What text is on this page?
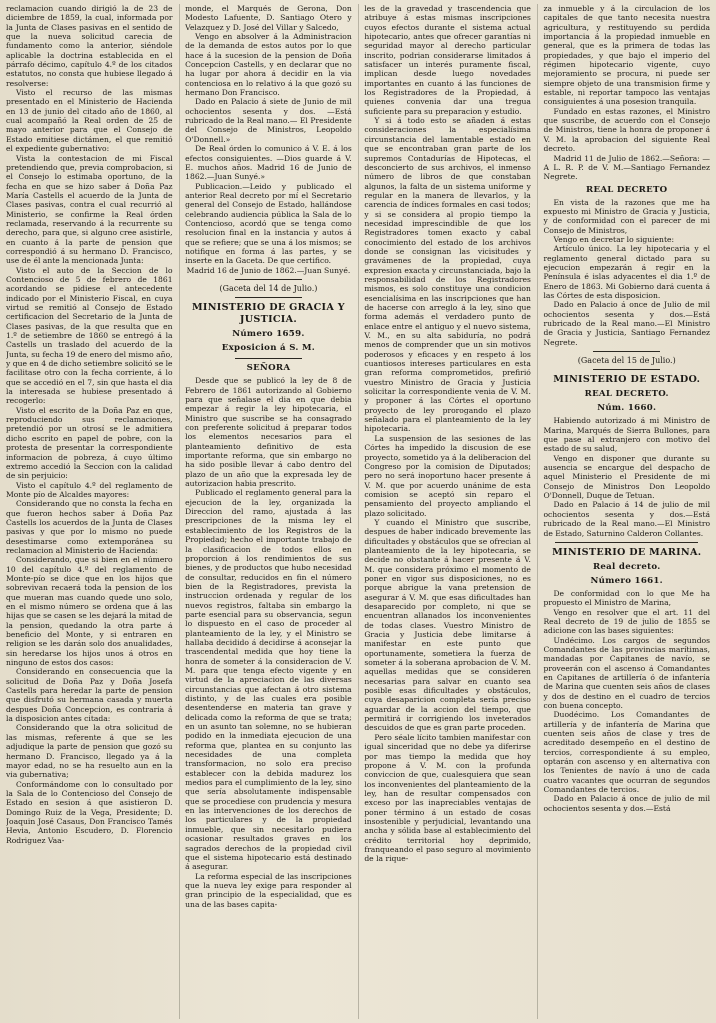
reclamacion cuando dirigió la de 23 de diciembre de 1859, la cual, informada por la Junta de Clases pasivas en el sentido de que la nueva solicitud carecia de fundamento como la anterior, siéndole aplicable la doctrina establecida en el párrafo décimo, capítulo 4.º de los citados estatutos, no consta que hubiese llegado á resolverse:

Visto el recurso de las mismas presentado en el Ministerio de Hacienda en 13 de junio del citado año de 1860, al cual acompañó la Real orden de 25 de mayo anterior para que el Consejo de Estado emitiese dictámen, el que remitió el expediente gubernativo:

Vista la contestacion de mi Fiscal pretendiendo que, previa comprobacion, si el Consejo lo estimaba oportuno, de la fecha en que se hizo saber á Doña Paz María Castells el acuerdo de la Junta de Clases pasivas, contra el cual recurrió al Ministerio, se confirme la Real órden reclamada, reservando á la recurrente su derecho, para que, si alguno cree asistirle, en cuanto á la parte de pension que correspondió á su hermano D. Francisco, use de él ante la mencionada Junta:

Visto el auto de la Seccion de lo Contencioso de 5 de febrero de 1861 acordando se pidiese el antecedente indicado por el Ministerio Fiscal, en cuya virtud se remitió al Consejo de Estado certificacion del Secretario de la Junta de Clases pasivas, de la que resulta que en 1.º de setiembre de 1860 se entregó á la Castells un traslado del acuerdo de la Junta, su fecha 19 de enero del mismo año, y que en 4 de dicho setiembre solicitó se le facilitase otro con la fecha corriente, á lo que se accedió en el 7, sin que hasta el dia la interesada se hubiese presentado á recogerlo:

Visto el escrito de la Doña Paz en que, reproduciendo sus reclamaciones, pretendió por un otrosí se le admitiera dicho escrito en papel de pobre, con la protesta de presentar la correspondiente informacion de pobreza, á cuyo último extremo accedió la Seccion con la calidad de sin perjuicio:

Visto el capítulo 4.º del reglamento de Monte pío de Alcaldes mayores:

Considerando que no consta la fecha en que fueron hechos saber á Doña Paz Castells los acuerdos de la Junta de Clases pasivas y que por lo mismo no puede desestimarse como extemporánea su reclamacion al Ministerio de Hacienda:

Considerando, que si bien en el número 10 del capítulo 4.º del reglamento de Monte-pío se dice que en los hijos que sobrevivan recaerá toda la pension de los que mueran mas cuando quede uno solo, en el mismo número se ordena que á las hijas que se casen se les dejará la mitad de la pension, quedando la otra parte á beneficio del Monte, y si entraren en religion se les darán solo dos anualidades, sin heredarse los hijos unos á otros en ninguno de estos dos casos:

Considerando en consecuencia que la solicitud de Doña Paz y Doña Josefa Castells para heredar la parte de pension que disfrutó su hermana casada y muerta despues Doña Concepcion, es contraria á la disposicion antes citada:

Considerando que la otra solicitud de las mismas, referente á que se les adjudique la parte de pension que gozó su hermano D. Francisco, llegado ya á la mayor edad, no se ha resuelto aun en la via gubernativa;

Conformándome con lo consultado por la Sala de lo Contencioso del Consejo de Estado en sesion á que asistieron D. Domingo Ruiz de la Vega, Presidente; D. Joaquin José Casaus, Don Francisco Tamés Hevia, Antonio Escudero, D. Florencio Rodriguez Vaa-

monde, el Marqués de Gerona, Don Modesto Lafuente, D. Santiago Otero y Velazquez y D. José del Villar y Salcedo,

Vengo en absolver á la Administracion de la demanda de estos autos por lo que hace á la sucesion de la pension de Doña Concepcion Castells, y en declarar que no ha lugar por ahora á decidir en la via contenciosa en lo relativo á la que gozó su hermano Don Francisco.

Dado en Palacio á siete de Junio de mil ochocientos sesenta y dos. —Está rubricado de la Real mano.— El Presidente del Consejo de Ministros, Leopoldo O'Donnell.»

De Real órden lo comunico á V. E. á los efectos consiguientes. —Dios guarde á V. E. muchos años. Madrid 16 de Junio de 1862.—Juan Sunyé.»

Publicacion.—Leido y publicado el anterior Real decreto por mí el Secretario general del Consejo de Estado, hallándose celebrando audiencia pública la Sala de lo Contencioso, acordó que se tenga como resolucion final en la instancia y autos á que se refiere; que se una á los mismos; se notifique en forma á las partes, y se inserte en la Gaceta. De que certifico.

Madrid 16 de Junio de 1862.—Juan Sunyé.

(Gaceta del 14 de Julio.)
MINISTERIO DE GRACIA Y JUSTICIA.
Número 1659.
Exposicion á S. M.
SEÑORA

Desde que se publicó la ley de 8 de Febrero de 1861 autorizando al Gobierno para que señalase el dia en que debia empezar á regir la ley hipotecaria, el Ministro que suscribe se ha consagrado con preferente solicitud á preparar todos los elementos necesarios para el planteamiento definitivo de esta importante reforma, que sin embargo no ha sido posible llevar á cabo dentro del plazo de un año que la expresada ley de autorizacion habia prescrito.

Publicado el reglamento general para la ejecucion de la ley, organizada la Direccion del ramo, ajustada á las prescripciones de la misma ley el establecimiento de los Registros de la Propiedad; hecho el importante trabajo de la clasificacion de todos ellos en proporcion á los rendimientos de sus bienes, y de productos que hubo necesidad de consultar, reducidos en fin el número bien de la Registradores, prevista la instruccion ordenada y regular de los nuevos registros, faltaba sin embargo la parte esencial para su observancia, segun lo dispuesto en el caso de proceder al planteamiento de la ley, y el Ministro se hallaba decidido á decidirse á aconsejar la trascendental medida que hoy tiene la honra de someter á la consideracion de V. M. para que tenga efecto vigente y en virtud de la apreciacion de las diversas circunstancias que afectan á otro sistema distinto, y de las cuales era posible desentenderse en materia tan grave y delicada como la reforma de que se trata; en un asunto tan solemne, no se hubieran podido en la inmediata ejecucion de una reforma que, plantea en su conjunto las necesidades de una completa transformacion, no solo era preciso establecer con la debida madurez los medios para el cumplimiento de la ley, sino que sería absolutamente indispensable que se procediese con prudencia y mesura en las intervenciones de los derechos de los particulares y de la propiedad inmueble, que sin necesitarlo pudiera ocasionar resultados graves en los sagrados derechos de la propiedad civil que el sistema hipotecario está destinado á asegurar.

La reforma especial de las inscripciones que la nueva ley exige para responder al gran principio de la especialidad, que es una de las bases capita-

les de la gravedad y trascendencia que atribuye á estas mismas inscripciones cuyos efectos durante el sistema actual hipotecario, antes que ofrecer garantías ni seguridad mayor al derecho particular inscrito, podrian considerarse limitados á satisfacer un interés puramente fiscal, implican desde luego novedades importantes en cuanto á las funciones de los Registradores de la Propiedad, á quienes convenia dar una tregua suficiente para su preparacion y estudio.

Y si á todo esto se añaden á estas consideraciones la especialísima circunstancia del lamentable estado en que se encontraban gran parte de los supremos Contadurías de Hipotecas, el desconcierto de sus archivos, el inmenso número de libros de que constaban algunos, la falta de un sistema uniforme y regular en la manera de llevarlos, y la carencia de índices formales en casi todos; y si se considera al propio tiempo la necesidad imprescindible de que los Registradores tomen exacto y cabal conocimiento del estado de los archivos donde se consignan las vicisitudes y gravámenes de la propiedad, cuya expresion exacta y circunstanciada, bajo la responsabilidad de los Registradores mismos, es solo constituye una condicion esencialísima en las inscripciones que han de hacerse con arreglo á la ley, sino que forma además el verdadero punto de enlace entre el antiguo y el nuevo sistema, V. M., en su alta sabiduría, no podrá menos de comprender que un sin motivos poderosos y eficaces y en respeto á los cuantiosos intereses particulares en esta gran reforma comprometidos, prefirió vuestro Ministro de Gracia y Justicia solicitar la correspondiente venia de V. M. y proponer á las Córtes el oportuno proyecto de ley prorogando el plazo señalado para el planteamiento de la ley hipotecaria.

La suspension de las sesiones de las Córtes ha impedido la discusion de ese proyecto, sometido ya á la deliberacion del Congreso por la comision de Diputados; pero no será inoportuno hacer presente á V. M. que por acuerdo unánime de esta comision se aceptó sin reparo el pensamiento del proyecto ampliando el plazo solicitado.

Y cuando el Ministro que suscribe, despues de haber indicado brevemente las dificultades y obstáculos que se ofrecian al planteamiento de la ley hipotecaria, se decide no obstante á hacer presente á V. M. que considera próximo el momento de poner en vigor sus disposiciones, no es porque abrigue la vana pretension de asegurar á V. M. que esas dificultades han desaparecido por completo, ni que se encuentran allanados los inconvenientes de todas clases. Vuestro Ministro de Gracia y Justicia debe limitarse á manifestar en este punto que oportunamente, sometiera la fuerza de someter á la soberana aprobacion de V. M. aquellas medidas que se consideren necesarias para salvar en cuanto sea posible esas dificultades y obstáculos, cuya desaparicion completa sería preciso aguardar de la accion del tiempo, que permitirá ir corrigiendo los inveterados descuidos de que es gran parte proceden.

Pero séale lícito tambien manifestar con igual sinceridad que no debe ya diferirse por mas tiempo la medida que hoy propone á V. M. con la profunda conviccion de que, cualesquiera que sean los inconvenientes del planteamiento de la ley, han de resultar compensados con exceso por las inapreciables ventajas de poner término á un estado de cosas insostenible y perjudicial, levantando una ancha y sólida base al establecimiento del crédito territorial hoy deprimido, franqueando el paso seguro al movimiento de la rique-

za inmueble y á la circulacion de los capitales de que tanto necesita nuestra agricultura, y restituyendo su perdida importancia á la propiedad inmueble en general, que es la primera de todas las propiedades, y que bajo el imperio del régimen hipotecario vigente, cuyo mejoramiento se procura, ni puede ser siempre objeto de una transmision firme y estable, ni reportar tampoco las ventajas consiguientes á una posesion tranquila.

Fundado en estas razones, el Ministro que suscribe, de acuerdo con el Consejo de Ministros, tiene la honra de proponer á V. M. la aprobacion del siguiente Real decreto.

Madrid 11 de Julio de 1862.—Señora: —A L. R. P. de V. M.—Santiago Fernandez Negrete.

REAL DECRETO

En vista de la razones que me ha expuesto mi Ministro de Gracia y Justicia, y de conformidad con el parecer de mi Consejo de Ministros,

Vengo en decretar lo siguiente:

Artículo único. La ley hipotecaria y el reglamento general dictado para su ejecucion empezarán á regir en la Península é islas adyacentes el dia 1.º de Enero de 1863. Mi Gobierno dará cuenta á las Córtes de esta disposicion.

Dado en Palacio á once de Julio de mil ochocientos sesenta y dos.—Está rubricado de la Real mano.—El Ministro de Gracia y Justicia, Santiago Fernandez Negrete.

(Gaceta del 15 de Julio.)
MINISTERIO DE ESTADO.
REAL DECRETO.
Núm. 1660.

Habiendo autorizado á mi Ministro de Marina, Marqués de Sierra Bullones, para que pase al extranjero con motivo del estado de su salud,

Vengo en disponer que durante su ausencia se encargue del despacho de aquel Ministerio el Presidente de mi Consejo de Ministros Don Leopoldo O'Donnell, Duque de Tetuan.

Dado en Palacio á 14 de julio de mil ochocientos sesenta y dos.—Está rubricado de la Real mano.—El Ministro de Estado, Saturnino Calderon Collantes.

MINISTERIO DE MARINA.
Real decreto.
Número 1661.

De conformidad con lo que Me ha propuesto el Ministro de Marina,

Vengo en resolver que el art. 11 del Real decreto de 19 de julio de 1855 se adicione con las bases siguientes:

Undécimo. Los cargos de segundos Comandantes de las provincias marítimas, mandadas por Capitanes de navío, se proveerán con el ascenso á Comandantes en Capitanes de artillería ó de infantería de Marina que cuenten seis años de clases y dos de destino en el cuadro de tercios con buena concepto.

Duodécimo. Los Comandantes de artillería y de infantería de Marina que cuenten seis años de clase y tres de acreditado desempeño en el destino de tercios, correspondiente á su empleo, optarán con ascenso y en alternativa con los Tenientes de navío á uno de cada cuatro vacantes que ocurran de segundos Comandantes de tercios.

Dado en Palacio á once de julio de mil ochocientos sesenta y dos.—Está
